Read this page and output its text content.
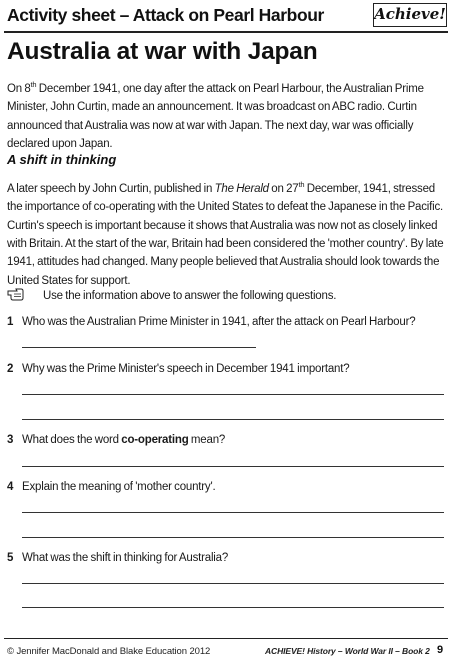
Activity sheet – Attack on Pearl Harbour	Achieve!
Australia at war with Japan
On 8th December 1941, one day after the attack on Pearl Harbour, the Australian Prime Minister, John Curtin, made an announcement. It was broadcast on ABC radio. Curtin announced that Australia was now at war with Japan. The next day, war was officially declared upon Japan.
A shift in thinking
A later speech by John Curtin, published in The Herald on 27th December, 1941, stressed the importance of co-operating with the United States to defeat the Japanese in the Pacific. Curtin's speech is important because it shows that Australia was now not as closely linked with Britain. At the start of the war, Britain had been considered the 'mother country'. By late 1941, attitudes had changed. Many people believed that Australia should look towards the United States for support.
Use the information above to answer the following questions.
1 Who was the Australian Prime Minister in 1941, after the attack on Pearl Harbour?
2 Why was the Prime Minister's speech in December 1941 important?
3 What does the word co-operating mean?
4 Explain the meaning of 'mother country'.
5 What was the shift in thinking for Australia?
© Jennifer MacDonald and Blake Education 2012	ACHIEVE! History – World War II – Book 2 9
